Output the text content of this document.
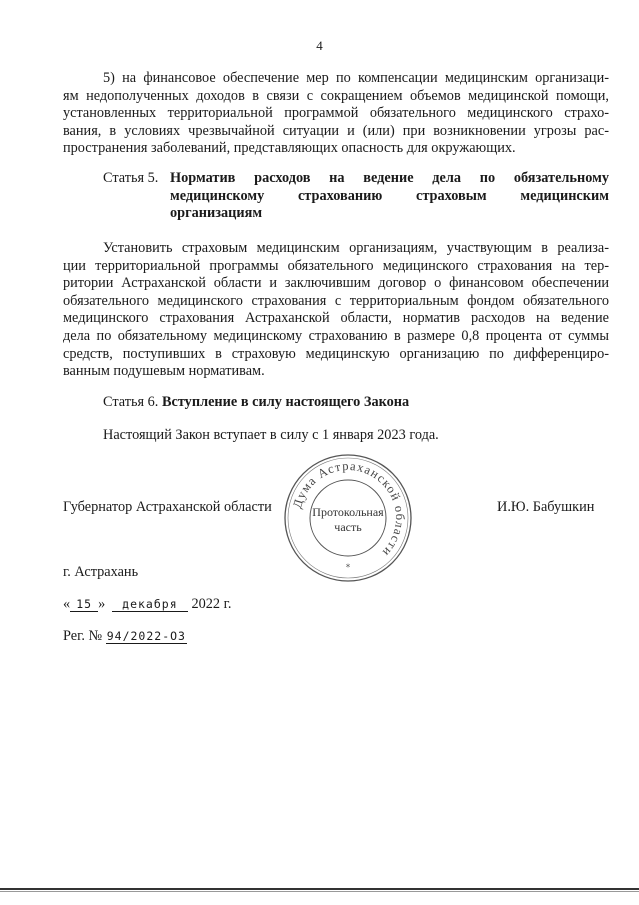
4
5) на финансовое обеспечение мер по компенсации медицинским организаци-
ям недополученных доходов в связи с сокращением объемов медицинской помощи,
установленных территориальной программой обязательного медицинского страхо-
вания, в условиях чрезвычайной ситуации и (или) при возникновении угрозы рас-
пространения заболеваний, представляющих опасность для окружающих.
Статья 5. Норматив расходов на ведение дела по обязательному
медицинскому страхованию страховым медицинским
организациям
Установить страховым медицинским организациям, участвующим в реализа-
ции территориальной программы обязательного медицинского страхования на тер-
ритории Астраханской области и заключившим договор о финансовом обеспечении
обязательного медицинского страхования с территориальным фондом обязательного
медицинского страхования Астраханской области, норматив расходов на ведение
дела по обязательному медицинскому страхованию в размере 0,8 процента от суммы
средств, поступивших в страховую медицинскую организацию по дифференциро-
ванным подушевым нормативам.
Статья 6. Вступление в силу настоящего Закона
Настоящий Закон вступает в силу с 1 января 2023 года.
Губернатор Астраханской области	И.Ю. Бабушкин
Дума Астраханской области
*
Протокольная
часть
г. Астрахань
« 15 » декабря 2022 г.
Рег. № 94/2022-ОЗ
